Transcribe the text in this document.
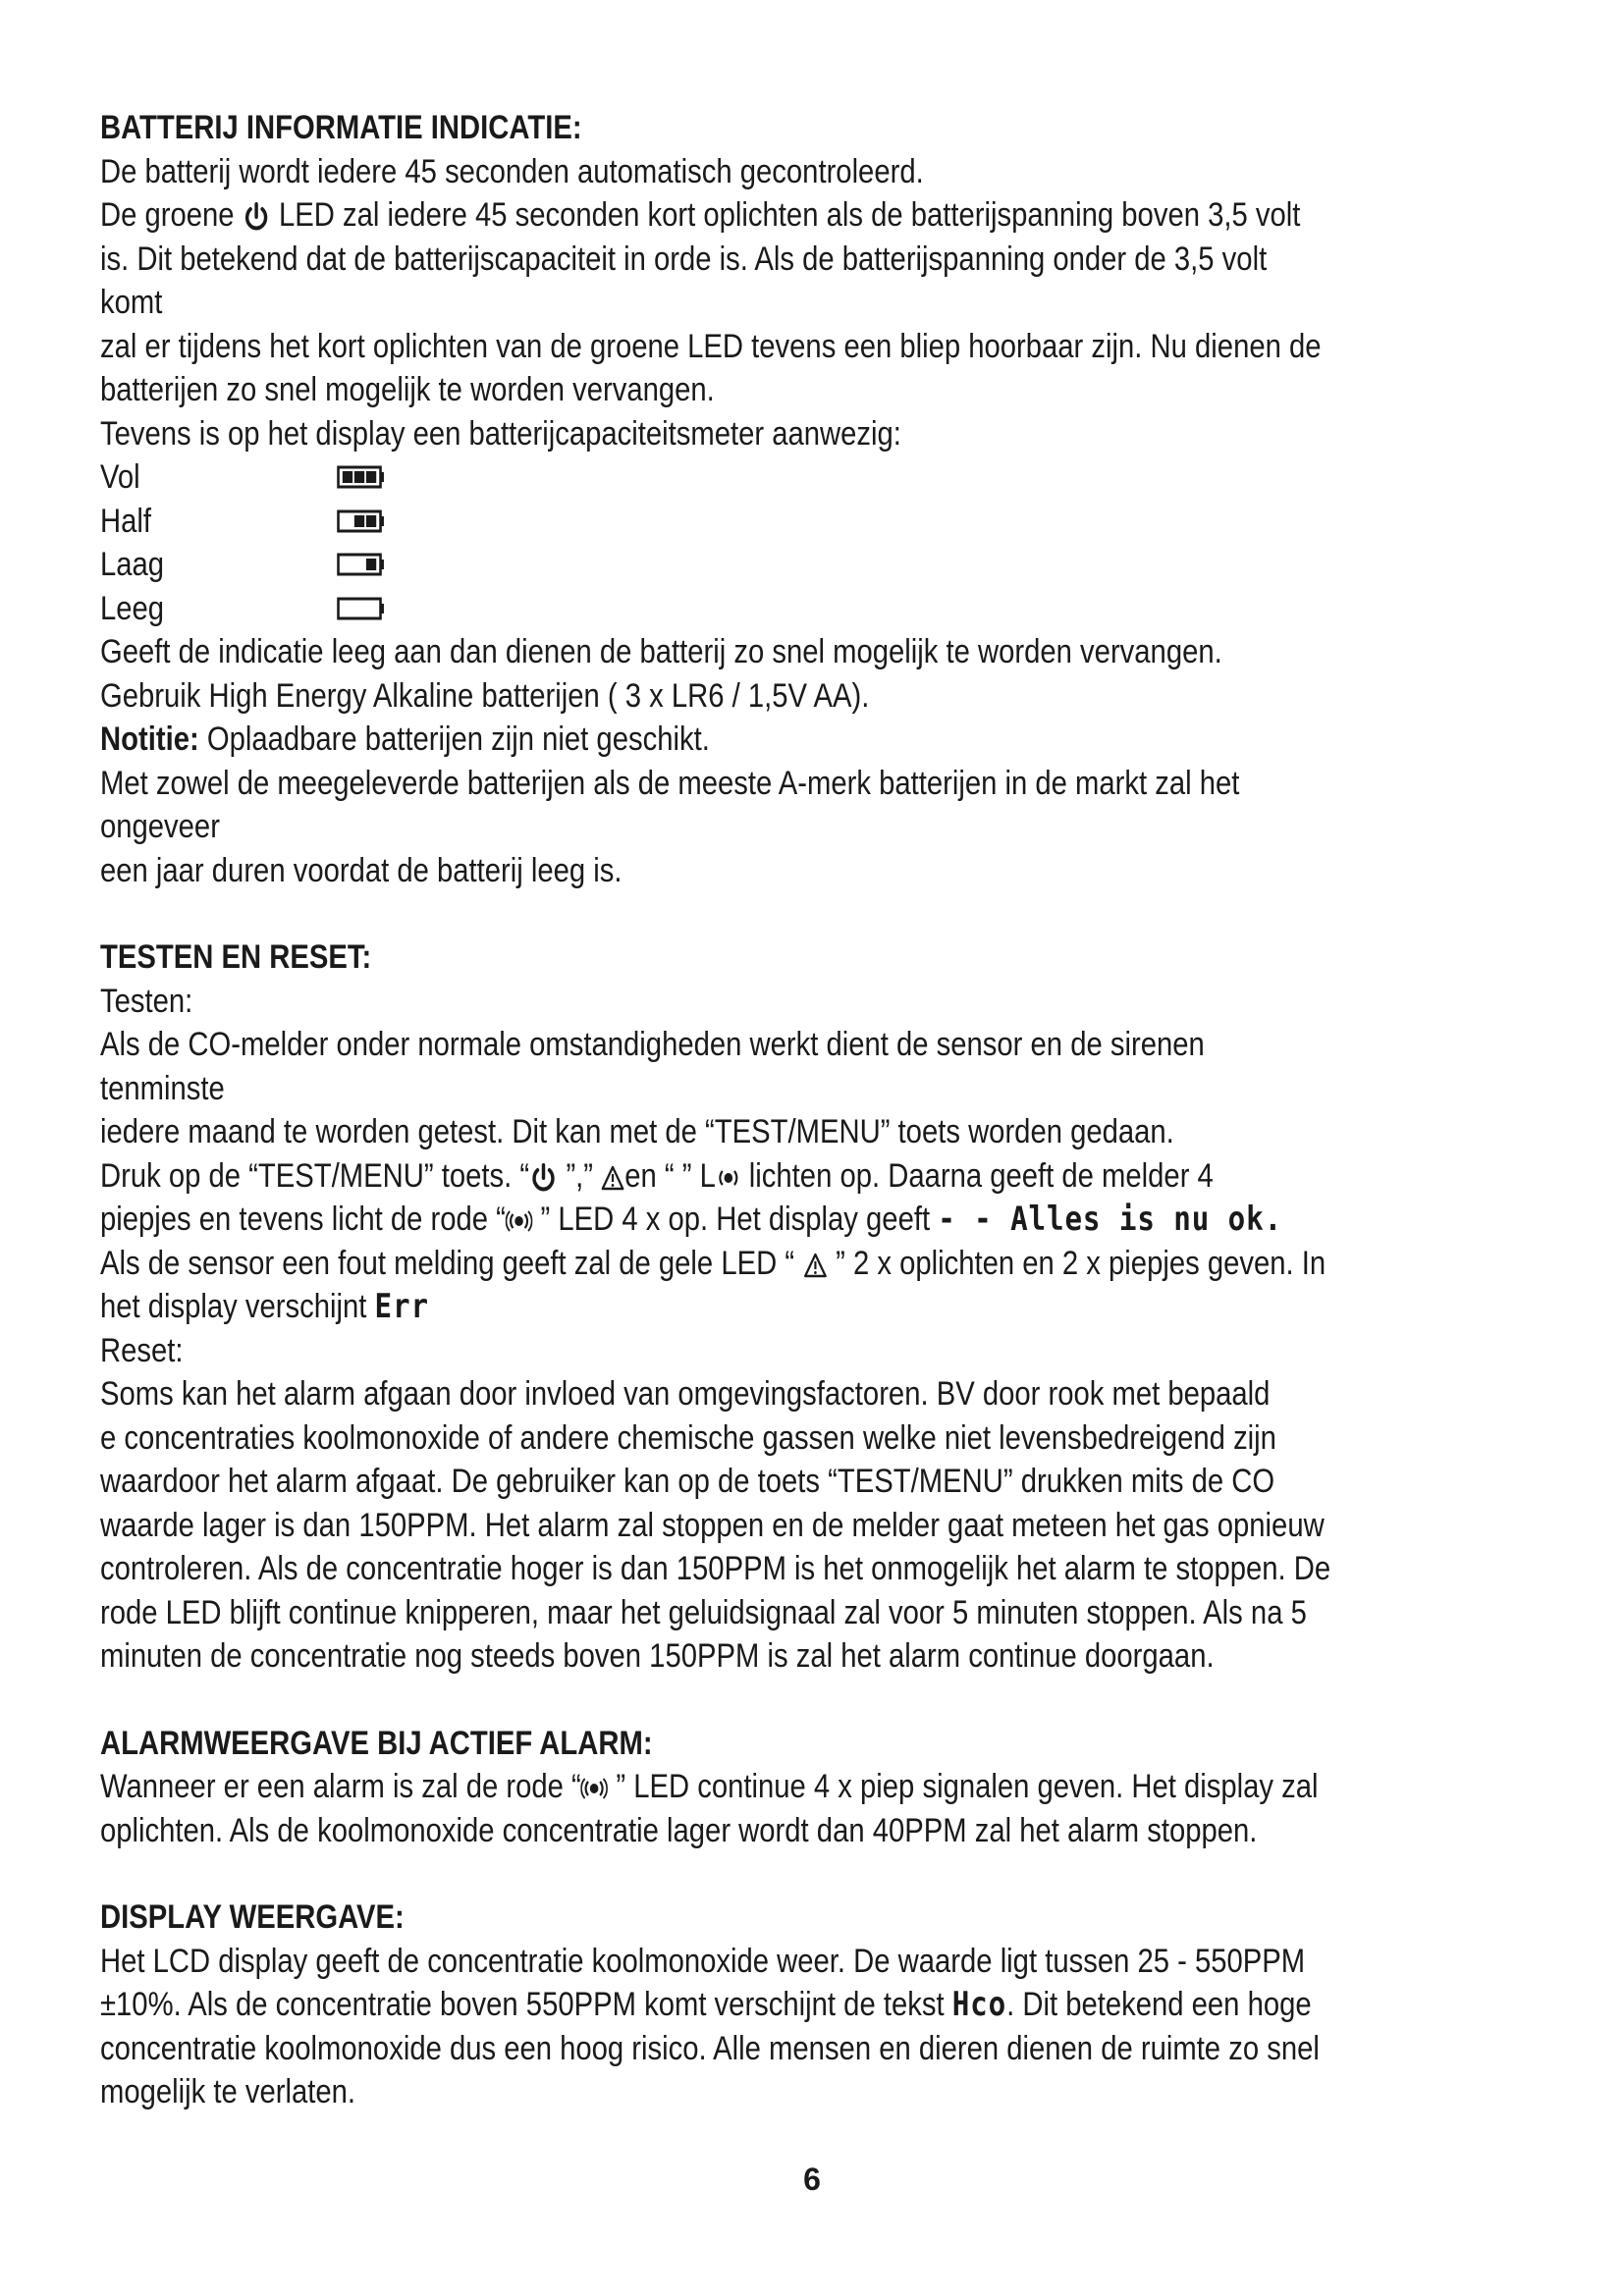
BATTERIJ INFORMATIE INDICATIE:

De batterij wordt iedere 45 seconden automatisch gecontroleerd.

De groene  LED zal iedere 45 seconden kort oplichten als de batterijspanning boven 3,5 volt

is. Dit betekend dat de batterijscapaciteit in orde is. Als de batterijspanning onder de 3,5 volt komt

zal er tijdens het kort oplichten van de groene LED tevens een bliep hoorbaar zijn. Nu dienen de

batterijen zo snel mogelijk te worden vervangen.

Tevens is op het display een batterijcapaciteitsmeter aanwezig:

Vol
Half
Laag
Leeg

Geeft de indicatie leeg aan dan dienen de batterij zo snel mogelijk te worden vervangen.

Gebruik High Energy Alkaline batterijen ( 3 x LR6 / 1,5V AA).

Notitie: Oplaadbare batterijen zijn niet geschikt.

Met zowel de meegeleverde batterijen als de meeste A-merk batterijen in de markt zal het ongeveer

een jaar duren voordat de batterij leeg is.

TESTEN EN RESET:

Testen:

Als de CO-melder onder normale omstandigheden werkt dient de sensor en de sirenen tenminste

iedere maand te worden getest. Dit kan met de “TEST/MENU” toets worden gedaan.

Druk op de “TEST/MENU” toets. “ ”,” en “ ” L lichten op. Daarna geeft de melder 4

piepjes en tevens licht de rode “ ” LED 4 x op. Het display geeft - - Alles is nu ok.

Als de sensor een fout melding geeft zal de gele LED “  ” 2 x oplichten en 2 x piepjes geven. In

het display verschijnt Err

Reset:

Soms kan het alarm afgaan door invloed van omgevingsfactoren. BV door rook met bepaald

e concentraties koolmonoxide of andere chemische gassen welke niet levensbedreigend zijn

waardoor het alarm afgaat. De gebruiker kan op de toets “TEST/MENU” drukken mits de CO

waarde lager is dan 150PPM. Het alarm zal stoppen en de melder gaat meteen het gas opnieuw

controleren. Als de concentratie hoger is dan 150PPM is het onmogelijk het alarm te stoppen. De

rode LED blijft continue knipperen, maar het geluidsignaal zal voor 5 minuten stoppen. Als na 5

minuten de concentratie nog steeds boven 150PPM is zal het alarm continue doorgaan.

ALARMWEERGAVE BIJ ACTIEF ALARM:

Wanneer er een alarm is zal de rode “ ” LED continue 4 x piep signalen geven. Het display zal

oplichten. Als de koolmonoxide concentratie lager wordt dan 40PPM zal het alarm stoppen.

DISPLAY WEERGAVE:

Het LCD display geeft de concentratie koolmonoxide weer. De waarde ligt tussen 25 - 550PPM

±10%. Als de concentratie boven 550PPM komt verschijnt de tekst Hco. Dit betekend een hoge

concentratie koolmonoxide dus een hoog risico. Alle mensen en dieren dienen de ruimte zo snel

mogelijk te verlaten.

6
